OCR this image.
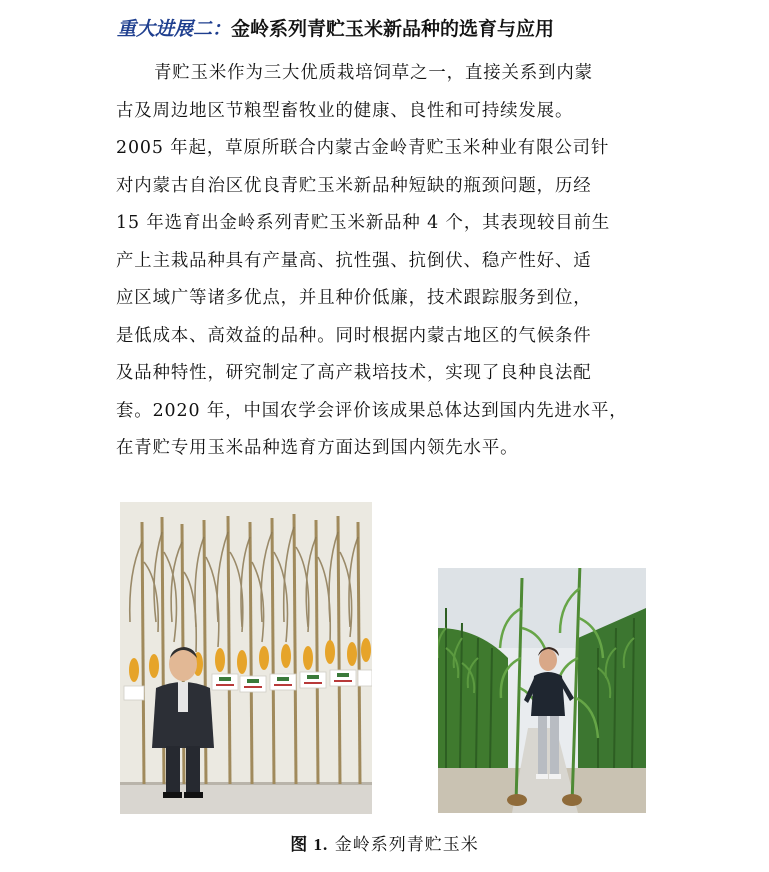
重大进展二：金岭系列青贮玉米新品种的选育与应用
青贮玉米作为三大优质栽培饲草之一，直接关系到内蒙
古及周边地区节粮型畜牧业的健康、良性和可持续发展。
2005 年起，草原所联合内蒙古金岭青贮玉米种业有限公司针
对内蒙古自治区优良青贮玉米新品种短缺的瓶颈问题，历经
15 年选育出金岭系列青贮玉米新品种 4 个，其表现较目前生
产上主栽品种具有产量高、抗性强、抗倒伏、稳产性好、适
应区域广等诸多优点，并且种价低廉，技术跟踪服务到位，
是低成本、高效益的品种。同时根据内蒙古地区的气候条件
及品种特性，研究制定了高产栽培技术，实现了良种良法配
套。2020 年，中国农学会评价该成果总体达到国内先进水平，
在青贮专用玉米品种选育方面达到国内领先水平。
图 1. 金岭系列青贮玉米
